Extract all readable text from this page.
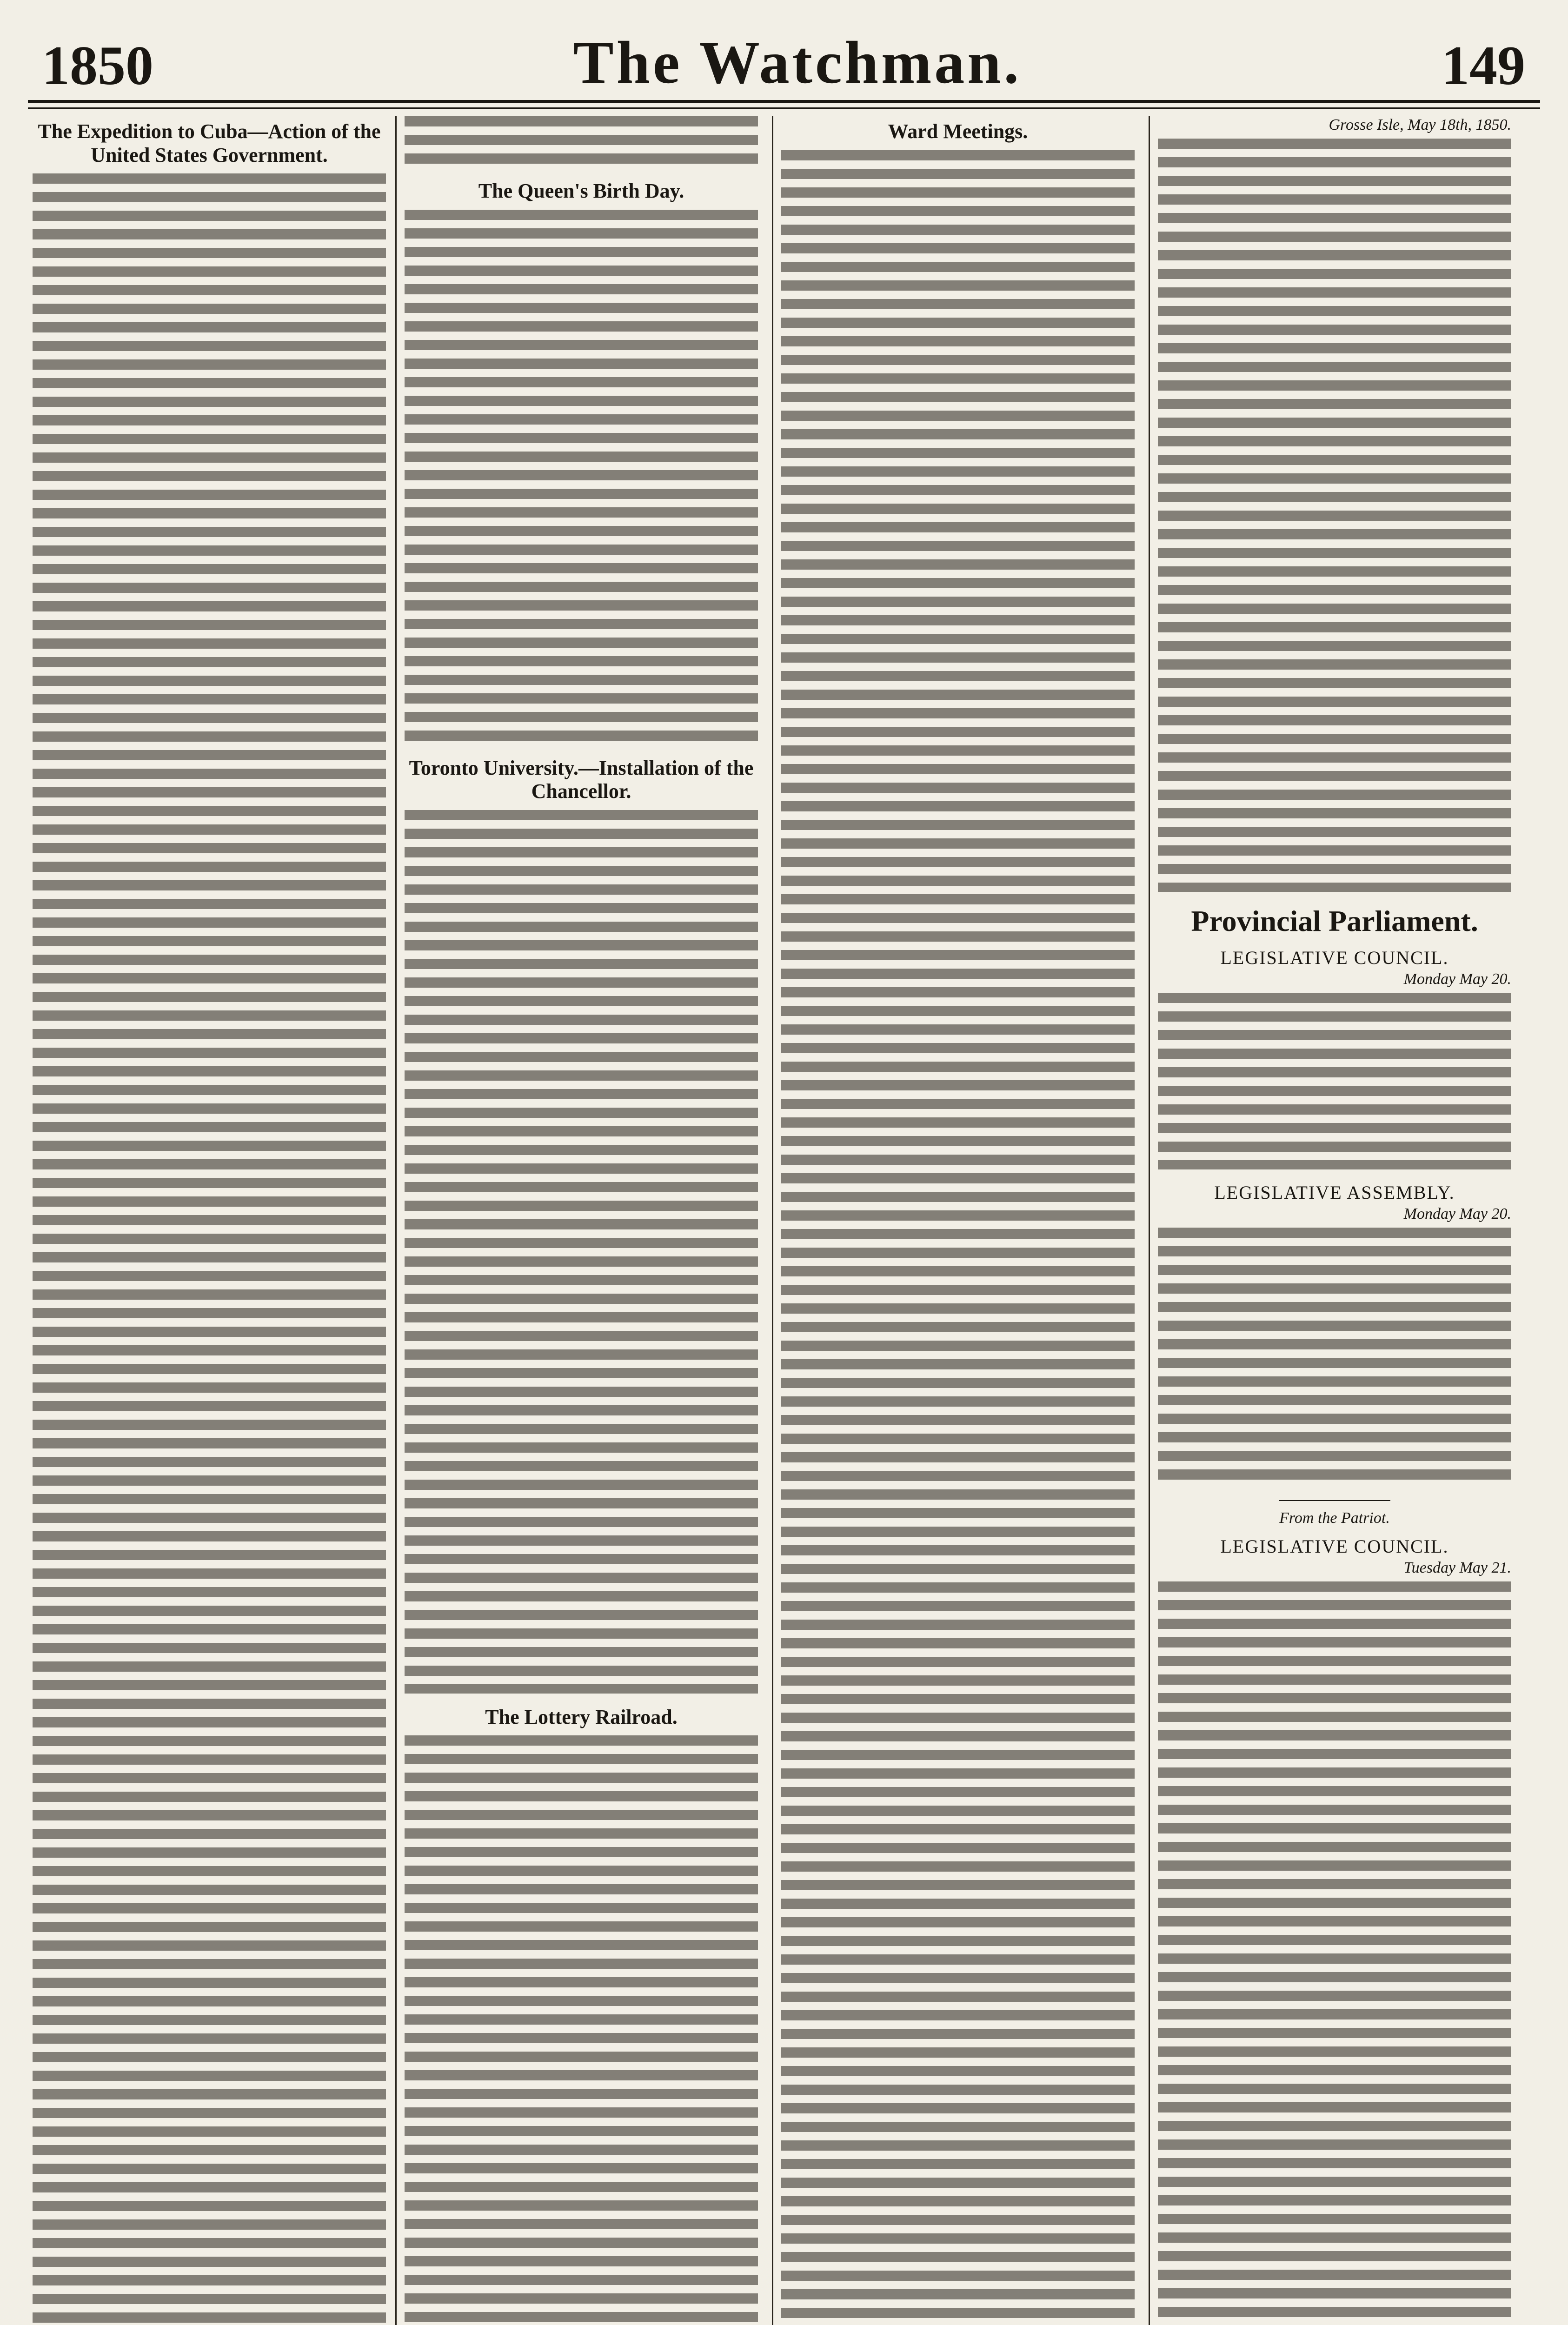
1850	The Watchman.	149
The Expedition to Cuba—Action of the United States Government.
The Queen's Birth Day.
Toronto University.—Installation of the Chancellor.
The Lottery Railroad.
Ward Meetings.	Grosse Isle, May 18th, 1850.
Provincial Parliament.
LEGISLATIVE COUNCIL.
Monday May 20.
LEGISLATIVE ASSEMBLY.
Monday May 20.
From the Patriot.
LEGISLATIVE COUNCIL.
Tuesday May 21.
